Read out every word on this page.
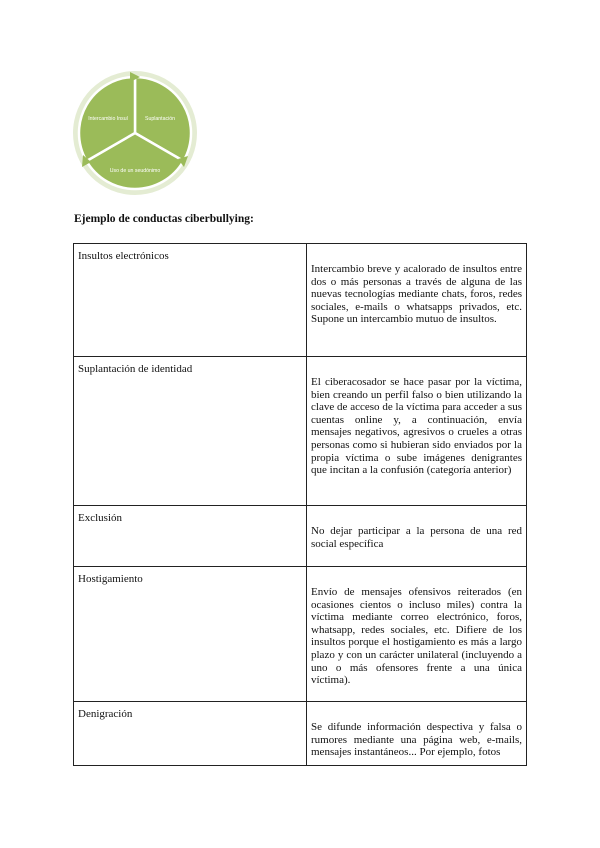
Intercambio Insul	Suplantación
Uso de un seudónimo
Ejemplo de conductas ciberbullying:
Insultos electrónicos	Intercambio breve y acalorado de insultos entre dos o más personas a través de alguna de las nuevas tecnologías mediante chats, foros, redes sociales, e-mails o whatsapps privados, etc. Supone un intercambio mutuo de insultos.
Suplantación de identidad	El ciberacosador se hace pasar por la víctima, bien creando un perfil falso o bien utilizando la clave de acceso de la víctima para acceder a sus cuentas online y, a continuación, envía mensajes negativos, agresivos o crueles a otras personas como si hubieran sido enviados por la propia víctima o sube imágenes denigrantes que incitan a la confusión (categoría anterior)
Exclusión	No dejar participar a la persona de una red social específica
Hostigamiento	Envío de mensajes ofensivos reiterados (en ocasiones cientos o incluso miles) contra la víctima mediante correo electrónico, foros, whatsapp, redes sociales, etc. Difiere de los insultos porque el hostigamiento es más a largo plazo y con un carácter unilateral (incluyendo a uno o más ofensores frente a una única víctima).
Denigración	Se difunde información despectiva y falsa o rumores mediante una página web, e-mails, mensajes instantáneos... Por ejemplo, fotos
